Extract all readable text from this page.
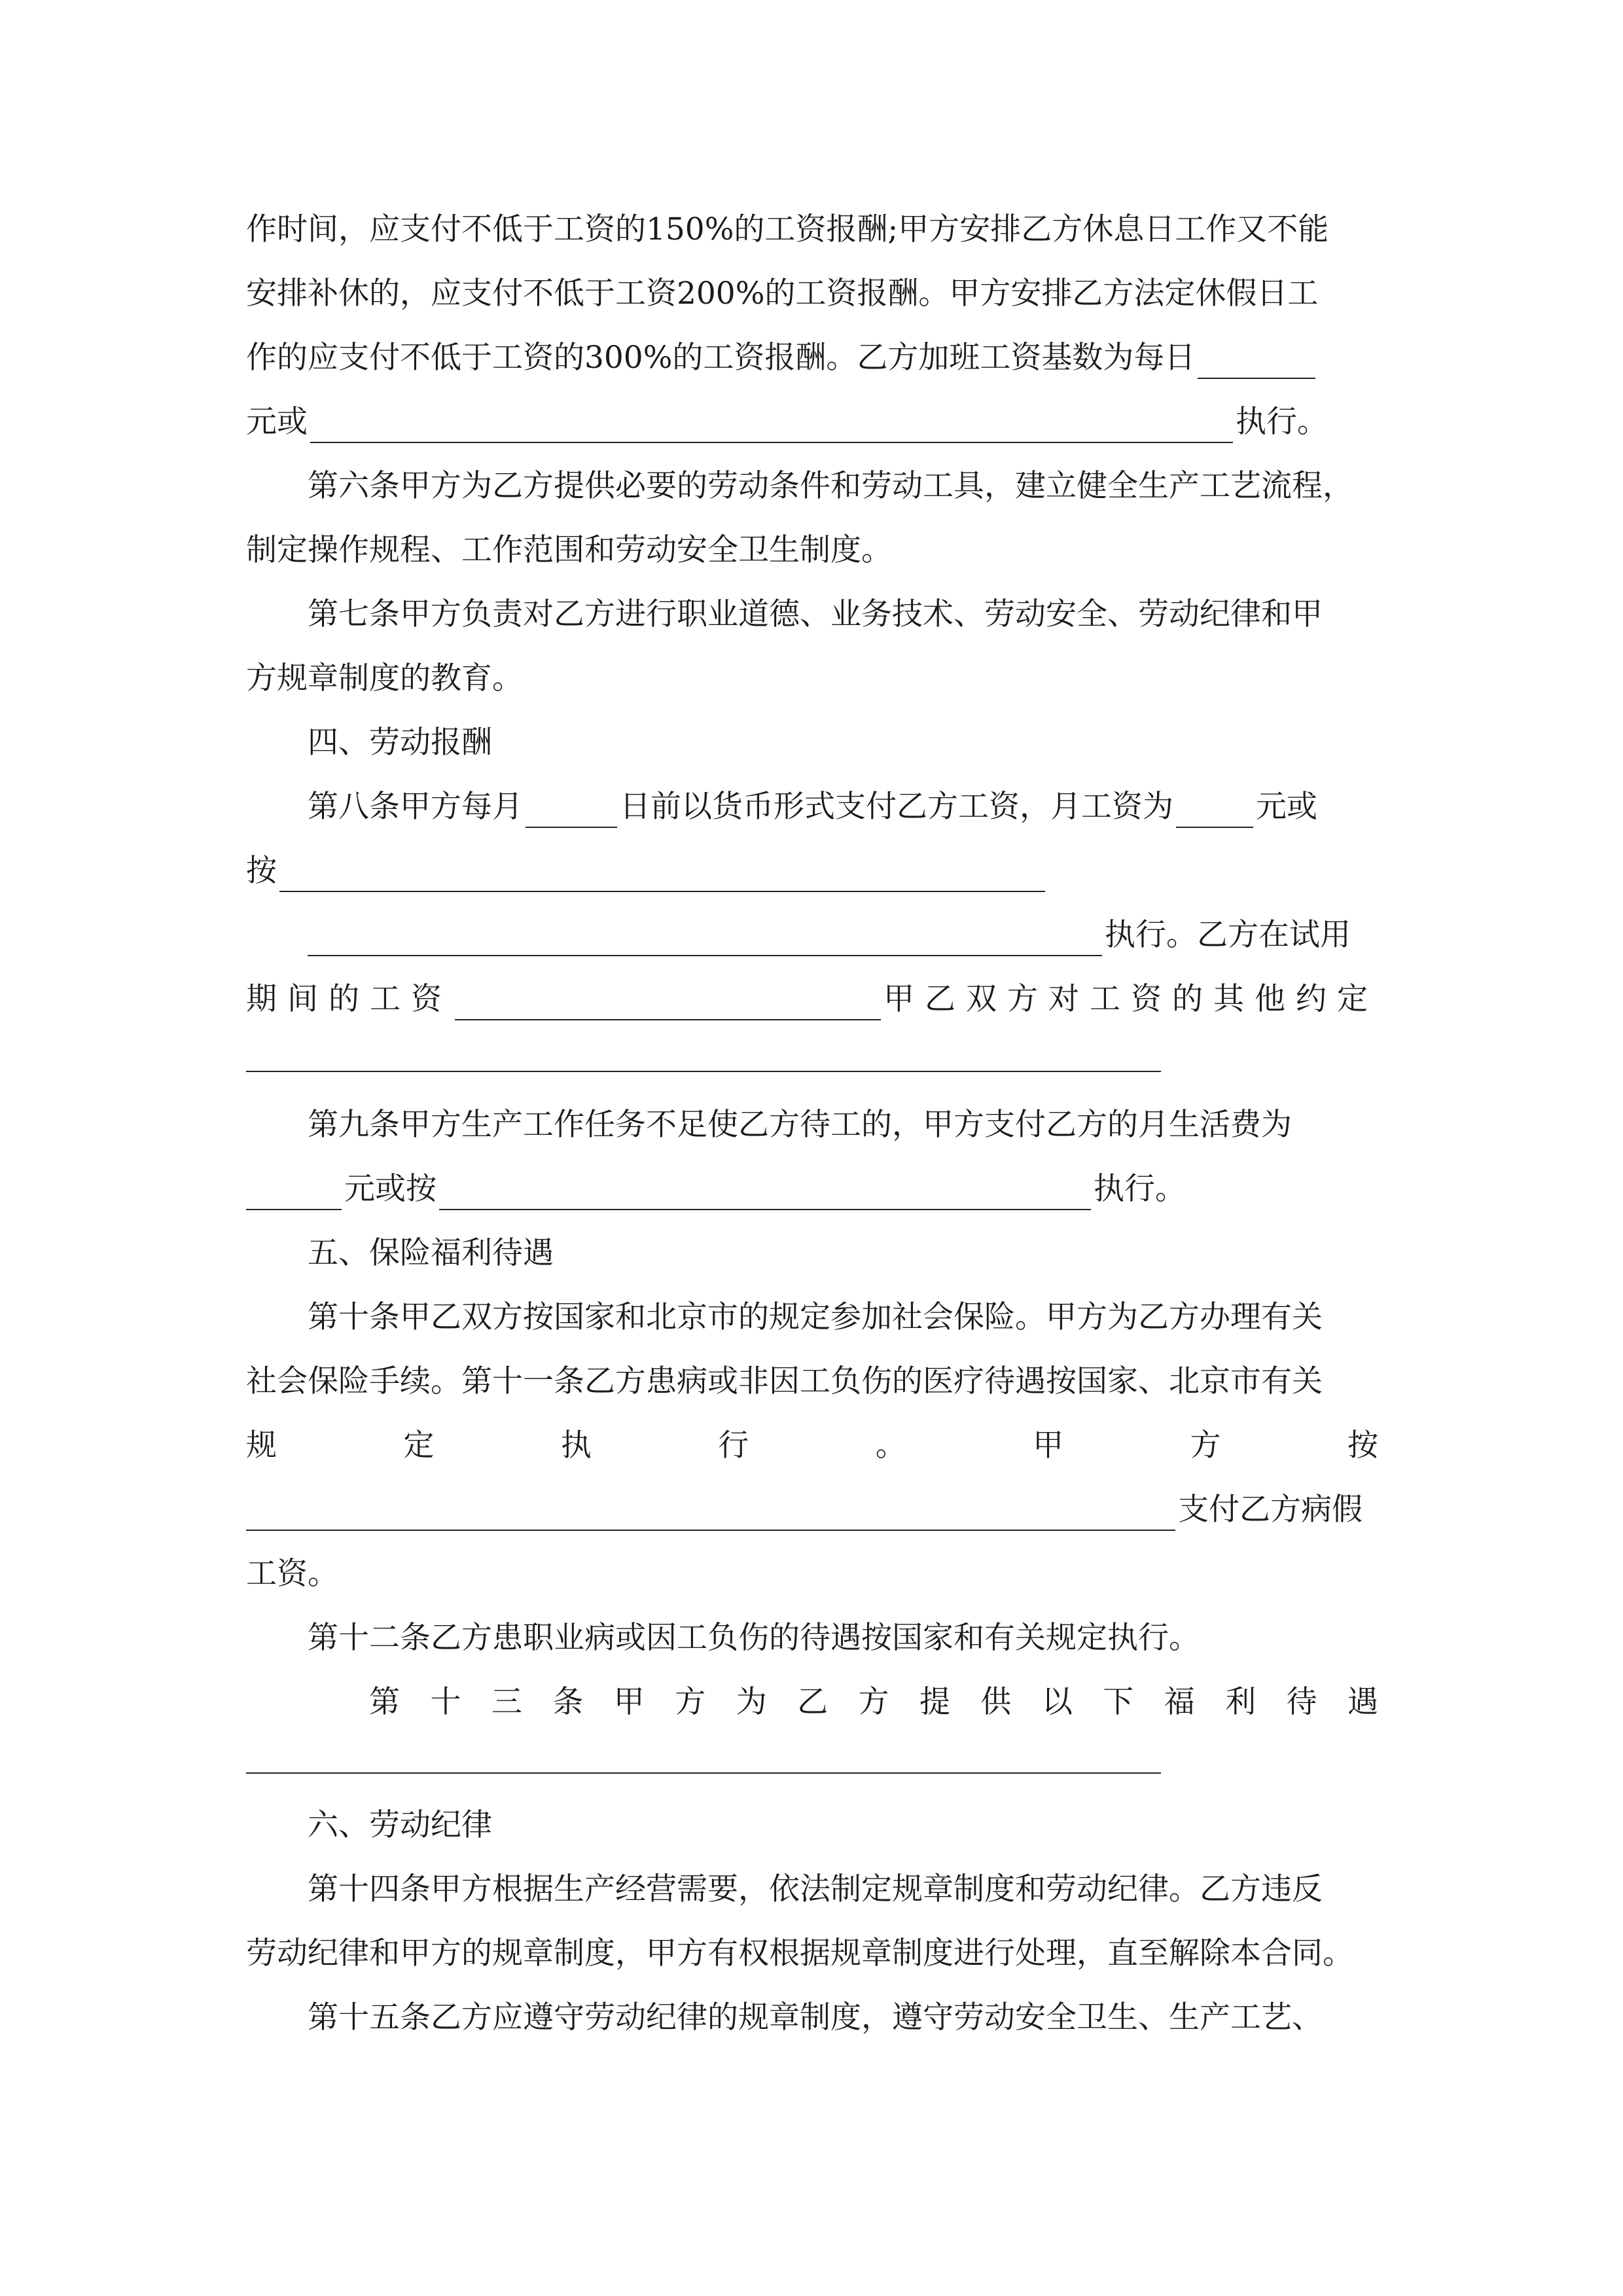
作时间，应支付不低于工资的150%的工资报酬;甲方安排乙方休息日工作又不能
安排补休的，应支付不低于工资200%的工资报酬。甲方安排乙方法定休假日工
作的应支付不低于工资的300%的工资报酬。乙方加班工资基数为每日
元或	执行。
第六条甲方为乙方提供必要的劳动条件和劳动工具，建立健全生产工艺流程，
制定操作规程、工作范围和劳动安全卫生制度。
第七条甲方负责对乙方进行职业道德、业务技术、劳动安全、劳动纪律和甲
方规章制度的教育。
四、劳动报酬
第八条甲方每月	日前以货币形式支付乙方工资，月工资为	元或
按
执行。乙方在试用
期间的工资	甲乙双方对工资的其他约定
第九条甲方生产工作任务不足使乙方待工的，甲方支付乙方的月生活费为
元或按	执行。
五、保险福利待遇
第十条甲乙双方按国家和北京市的规定参加社会保险。甲方为乙方办理有关
社会保险手续。第十一条乙方患病或非因工负伤的医疗待遇按国家、北京市有关
规	定	执	行	。	甲	方	按
支付乙方病假
工资。
第十二条乙方患职业病或因工负伤的待遇按国家和有关规定执行。
第 十 三 条 甲 方 为 乙 方 提 供 以 下 福 利 待 遇
六、劳动纪律
第十四条甲方根据生产经营需要，依法制定规章制度和劳动纪律。乙方违反
劳动纪律和甲方的规章制度，甲方有权根据规章制度进行处理，直至解除本合同。
第十五条乙方应遵守劳动纪律的规章制度，遵守劳动安全卫生、生产工艺、
